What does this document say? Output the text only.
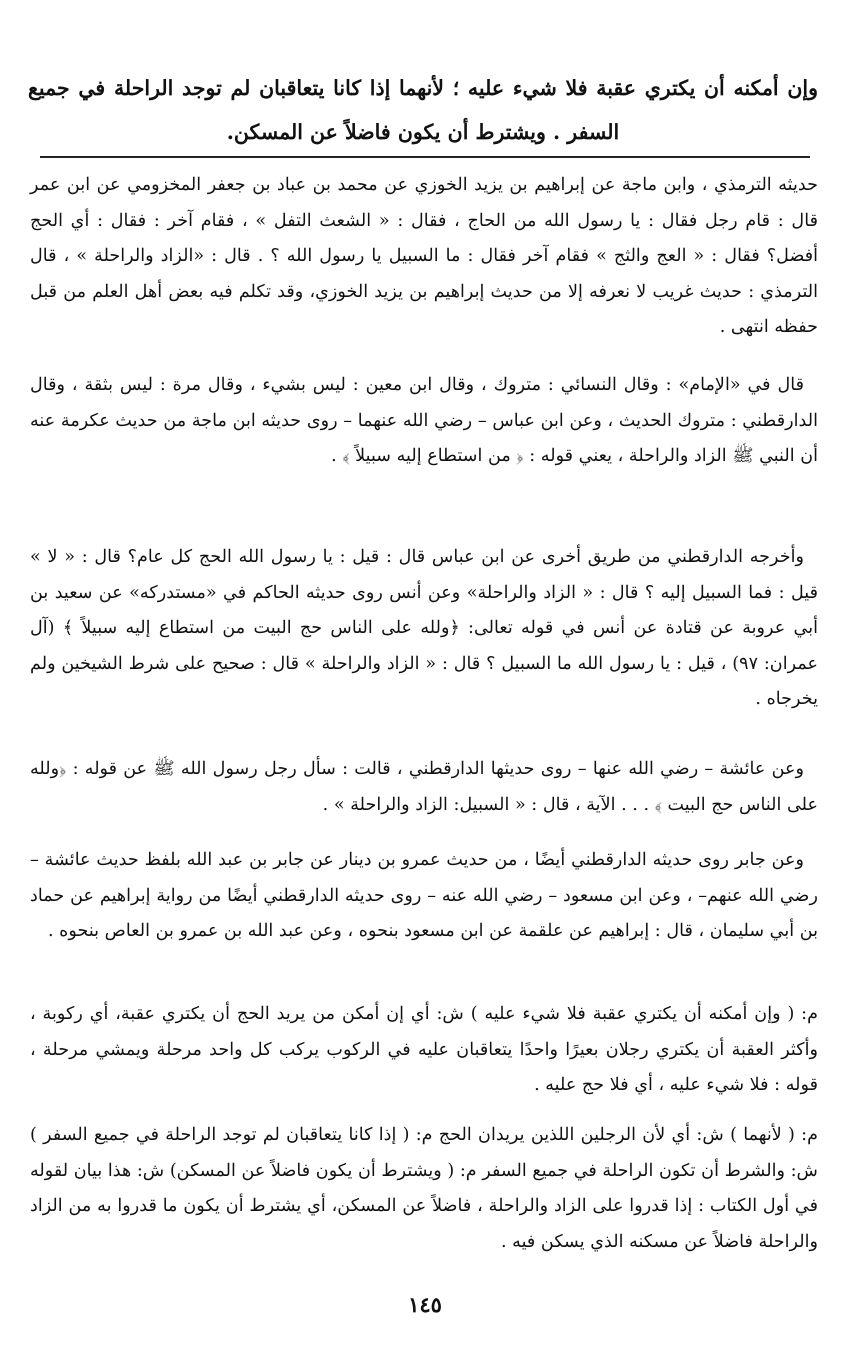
وإن أمكنه أن يكتري عقبة فلا شيء عليه ؛ لأنهما إذا كانا يتعاقبان لم توجد الراحلة في جميع السفر . ويشترط أن يكون فاضلاً عن المسكن.

حديثه الترمذي ، وابن ماجة عن إبراهيم بن يزيد الخوزي عن محمد بن عباد بن جعفر المخزومي عن ابن عمر قال : قام رجل فقال : يا رسول الله من الحاج ، فقال : « الشعث التفل » ، فقام آخر : فقال : أي الحج أفضل؟ فقال : « العج والثج » فقام آخر فقال : ما السبيل يا رسول الله ؟ . قال : «الزاد والراحلة » ، قال الترمذي : حديث غريب لا نعرفه إلا من حديث إبراهيم بن يزيد الخوزي، وقد تكلم فيه بعض أهل العلم من قبل حفظه انتهى .

قال في «الإمام» : وقال النسائي : متروك ، وقال ابن معين : ليس بشيء ، وقال مرة : ليس بثقة ، وقال الدارقطني : متروك الحديث ، وعن ابن عباس – رضي الله عنهما – روى حديثه ابن ماجة من حديث عكرمة عنه أن النبي ﷺ الزاد والراحلة ، يعني قوله : ﴿ من استطاع إليه سبيلاً ﴾ .

وأخرجه الدارقطني من طريق أخرى عن ابن عباس قال : قيل : يا رسول الله الحج كل عام؟ قال : « لا » قيل : فما السبيل إليه ؟ قال : « الزاد والراحلة» وعن أنس روى حديثه الحاكم في «مستدركه» عن سعيد بن أبي عروبة عن قتادة عن أنس في قوله تعالى: ﴿ولله على الناس حج البيت من استطاع إليه سبيلاً ﴾ (آل عمران: ٩٧) ، قيل : يا رسول الله ما السبيل ؟ قال : « الزاد والراحلة » قال : صحيح على شرط الشيخين ولم يخرجاه .

وعن عائشة – رضي الله عنها – روى حديثها الدارقطني ، قالت : سأل رجل رسول الله ﷺ عن قوله : ﴿ولله على الناس حج البيت ﴾ . . . الآية ، قال : « السبيل: الزاد والراحلة » .

وعن جابر روى حديثه الدارقطني أيضًا ، من حديث عمرو بن دينار عن جابر بن عبد الله بلفظ حديث عائشة –رضي الله عنهم– ، وعن ابن مسعود – رضي الله عنه – روى حديثه الدارقطني أيضًا من رواية إبراهيم عن حماد بن أبي سليمان ، قال : إبراهيم عن علقمة عن ابن مسعود بنحوه ، وعن عبد الله بن عمرو بن العاص بنحوه .

م: ( وإن أمكنه أن يكتري عقبة فلا شيء عليه ) ش: أي إن أمكن من يريد الحج أن يكتري عقبة، أي ركوبة ، وأكثر العقبة أن يكتري رجلان بعيرًا واحدًا يتعاقبان عليه في الركوب يركب كل واحد مرحلة ويمشي مرحلة ، قوله : فلا شيء عليه ، أي فلا حج عليه .

م: ( لأنهما ) ش: أي لأن الرجلين اللذين يريدان الحج م: ( إذا كانا يتعاقبان لم توجد الراحلة في جميع السفر ) ش: والشرط أن تكون الراحلة في جميع السفر م: ( ويشترط أن يكون فاضلاً عن المسكن) ش: هذا بيان لقوله في أول الكتاب : إذا قدروا على الزاد والراحلة ، فاضلاً عن المسكن، أي يشترط أن يكون ما قدروا به من الزاد والراحلة فاضلاً عن مسكنه الذي يسكن فيه .

١٤٥
